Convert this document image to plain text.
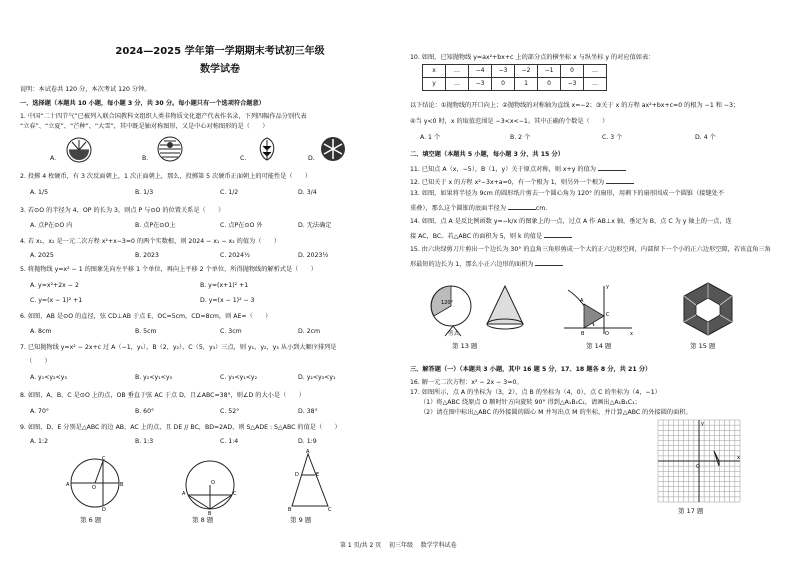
2024—2025 学年第一学期期末考试初三年级
数学试卷
说明：本试卷共 120 分，本次考试 120 分钟。
一、选择题（本题共 10 小题，每小题 3 分，共 30 分。每小题只有一个选项符合题意）
1. 中国“二十四节气”已被列入联合国教科文组织人类非物质文化遗产代表作名录，下列四幅作品分别代表
“立春”、“立夏”、“芒种”、“大雪”，其中既是轴对称图形，又是中心对称图形的是（　　）
A.	B.	C.	D.
2. 投掷 4 枚硬币，有 3 次反面朝上，1 次正面朝上，那么，投掷第 5 次硬币正面朝上的可能性是（　　）
A. 1/5	B. 1/3	C. 1/2	D. 3/4
3. 若⊙O 的半径为 4，OP 的长为 3，则点 P 与⊙O 的位置关系是（　　）
A. 点P在⊙O 内	B. 点P在⊙O上	C. 点P在⊙O 外	D. 无法确定
4. 若 x₁，x₂ 是一元二次方程 x²+x−3=0 的两个实数根，则 2024 − x₁ − x₂ 的值为（　　）
A. 2025	B. 2023	C. 2024½	D. 2023½
5. 将抛物线 y=x² − 1 的图象先向左平移 1 个单位，再向上平移 2 个单位，所得抛物线的解析式是（　　）
A. y=x²+2x − 2	B. y=(x+1)² +1
C. y=(x − 1)² +1	D. y=(x − 1)² − 3
6. 如图，AB 是⊙O 的直径，弦 CD⊥AB 于点 E，OC=5cm，CD=8cm，则 AE=（　　）
A. 8cm	B. 5cm	C. 3cm	D. 2cm
7. 已知抛物线 y=x² − 2x+c 过 A（−1，y₁），B（2，y₂），C（5，y₃）三点，则 y₁，y₂，y₃ 从小到大顺序排列是
（　　）
A. y₁<y₂<y₃	B. y₂<y₁<y₃	C. y₃<y₁<y₂	D. y₂<y₃<y₁
8. 如图，A、B、C 是⊙O 上的点，OB 垂直于弦 AC 于点 D，且∠ABC=38°，则∠D 的大小是（　　）
A. 70°	B. 60°	C. 52°	D. 38°
9. 如图，D、E 分别是△ABC 的边 AB、AC 上的点，且 DE // BC，BD=2AD，则 S△ADE : S△ABC 的值是（　　）
A. 1:2	B. 1:3	C. 1:4	D. 1:9
A	B
C
D
O
第 6 题
A	C
B
O
第 8 题
A
D	E
B	C
第 9 题
10. 如图，已知抛物线 y=ax²+bx+c 上的部分点的横坐标 x 与纵坐标 y 的对应值如表：
x	…	−4	−3	−2	−1	0	…
y	…	−3	0	1	0	−3	…
以下结论：①抛物线的开口向上；②抛物线的对称轴为直线 x=−2；③关于 x 的方程 ax²+bx+c=0 的根为 −1 和 −3；
④当 y<0 时，x 的取值范围是 −3<x<−1。其中正确的个数是（　　）
A. 1 个	B. 2 个	C. 3 个	D. 4 个
二、填空题（本题共 5 小题，每小题 3 分，共 15 分）
11. 已知点 A（x，−5），B（1，y）关于原点对称，则 x+y 的值为
12. 已知关于 x 的方程 x²−3x+a=0，有一个根为 1，则另外一个根为
13. 如图，如果将半径为 9cm 的圆形纸片剪去一个圆心角为 120° 的扇形，用剩下的扇形围成一个圆锥（接缝处不
重叠），那么这个圆锥的底面半径为	cm.
14. 如图，点 A 是反比例函数 y=−k/x 的图象上的一点，过点 A 作 AB⊥x 轴，垂足为 B，点 C 为 y 轴上的一点，连
接 AC，BC。若△ABC 的面积为 5，则 k 的值是
15. 由六块绿剪刀片剪出一个边长为 30° 的直角三角形剪成一个大的正六边形空间，内部留下一个小的正六边形空隙，若该直角三角
形最短的边长为 1，那么小正六边形的面积为
120°
剪去
第 13 题
A
B
C
O	x
y
第 14 题	第 15 题
三、解答题（一）（本题共 3 小题，其中 16 题 5 分，17、18 题各 8 分，共 21 分）
16. 解一元二次方程：x² − 2x − 3=0。
17. 如图所示，点 A 的坐标为（3，2），点 B 的坐标为（4，0），点 C 的坐标为（4，−1）
（1）将△ABC 绕原点 O 顺时针方向旋转 90° 得到△A₁B₁C₁，请画出△A₁B₁C₁；
（2）请在图中标出△ABC 的外接圆的圆心 M 并写出点 M 的坐标，并计算△ABC 的外接圆的面积。
O
x
y
第 17 题
第 1 页/共 2 页 初三年级 数学学科试卷
